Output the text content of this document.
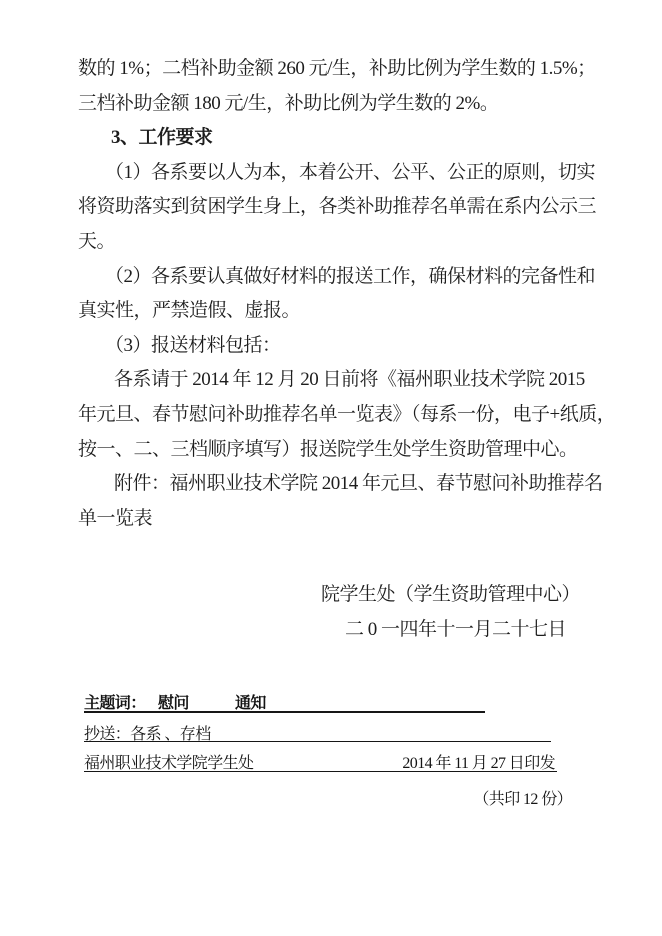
数的 1%；二档补助金额 260 元/生，补助比例为学生数的 1.5%；
三档补助金额 180 元/生，补助比例为学生数的 2%。
3、工作要求
（1）各系要以人为本，本着公开、公平、公正的原则，切实
将资助落实到贫困学生身上，各类补助推荐名单需在系内公示三
天。
（2）各系要认真做好材料的报送工作，确保材料的完备性和
真实性，严禁造假、虚报。
（3）报送材料包括：
各系请于 2014 年 12 月 20 日前将《福州职业技术学院 2015
年元旦、春节慰问补助推荐名单一览表》（每系一份，电子+纸质，
按一、二、三档顺序填写）报送院学生处学生资助管理中心。
附件：福州职业技术学院 2014 年元旦、春节慰问补助推荐名
单一览表
院学生处（学生资助管理中心）
二 0 一四年十一月二十七日
主题词： 慰问	通知
抄送：各系 、存档
福州职业技术学院学生处	2014 年 11 月 27 日印发
（共印 12 份）
